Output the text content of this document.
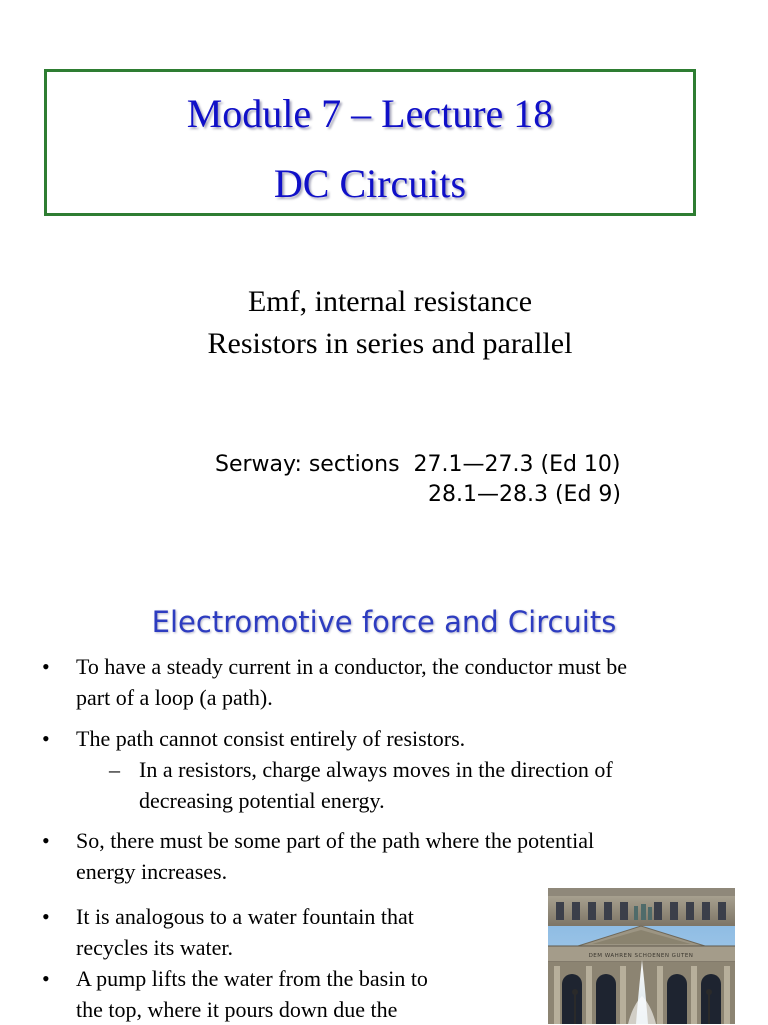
Module 7 – Lecture 18
DC Circuits
Emf, internal resistance
Resistors in series and parallel
Serway: sections  27.1—27.3 (Ed 10)
28.1—28.3 (Ed 9)
Electromotive force and Circuits
• To have a steady current in a conductor, the conductor must be
part of a loop (a path).
• The path cannot consist entirely of resistors.
– In a resistors, charge always moves in the direction of
decreasing potential energy.
• So, there must be some part of the path where the potential
energy increases.
• It is analogous to a water fountain that
recycles its water.
• A pump lifts the water from the basin to
the top, where it pours down due the
DEM WAHREN SCHOENEN GUTEN
